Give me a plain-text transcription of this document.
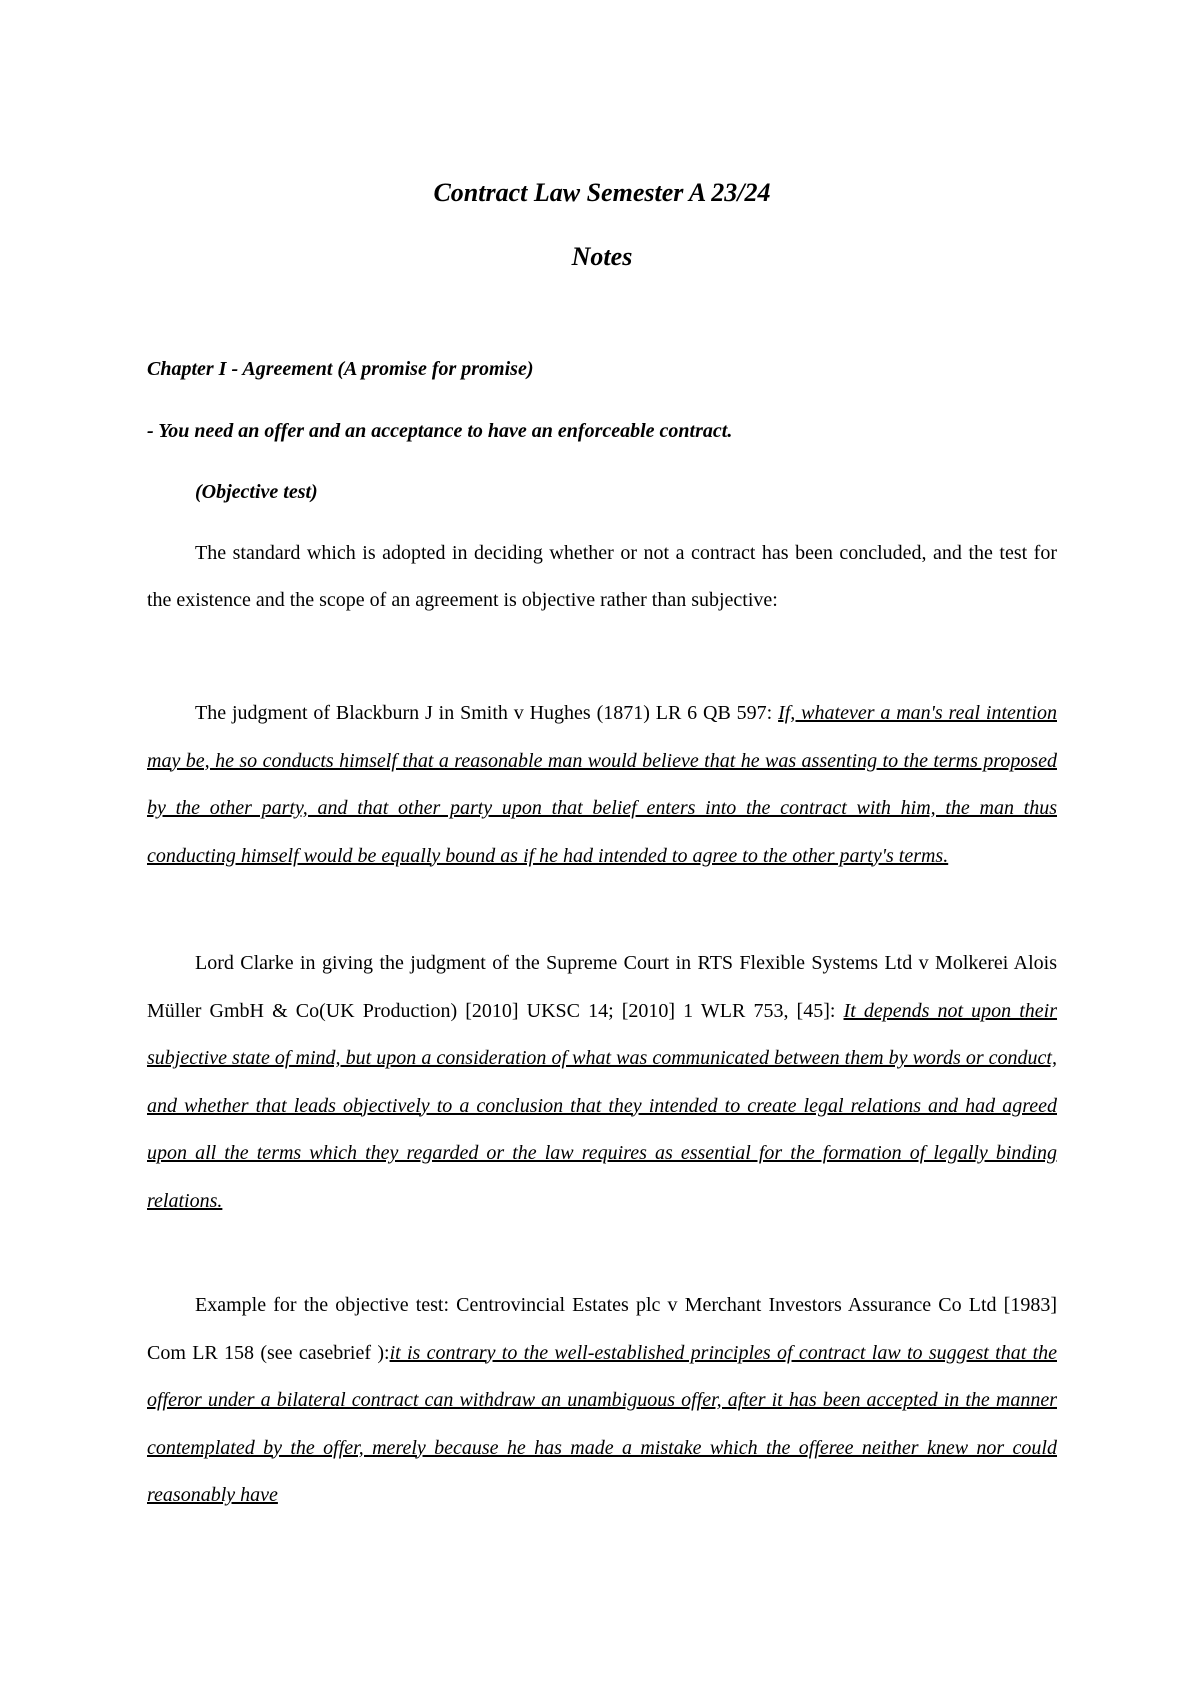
Contract Law Semester A 23/24
Notes
Chapter I - Agreement (A promise for promise)

- You need an offer and an acceptance to have an enforceable contract.

(Objective test)

The standard which is adopted in deciding whether or not a contract has been concluded, and the test for the existence and the scope of an agreement is objective rather than subjective:

The judgment of Blackburn J in Smith v Hughes (1871) LR 6 QB 597: If, whatever a man's real intention may be, he so conducts himself that a reasonable man would believe that he was assenting to the terms proposed by the other party, and that other party upon that belief enters into the contract with him, the man thus conducting himself would be equally bound as if he had intended to agree to the other party's terms.

Lord Clarke in giving the judgment of the Supreme Court in RTS Flexible Systems Ltd v Molkerei Alois Müller GmbH & Co(UK Production) [2010] UKSC 14; [2010] 1 WLR 753, [45]: It depends not upon their subjective state of mind, but upon a consideration of what was communicated between them by words or conduct, and whether that leads objectively to a conclusion that they intended to create legal relations and had agreed upon all the terms which they regarded or the law requires as essential for the formation of legally binding relations.

Example for the objective test: Centrovincial Estates plc v Merchant Investors Assurance Co Ltd [1983] Com LR 158 (see casebrief ):it is contrary to the well-established principles of contract law to suggest that the offeror under a bilateral contract can withdraw an unambiguous offer, after it has been accepted in the manner contemplated by the offer, merely because he has made a mistake which the offeree neither knew nor could reasonably have
